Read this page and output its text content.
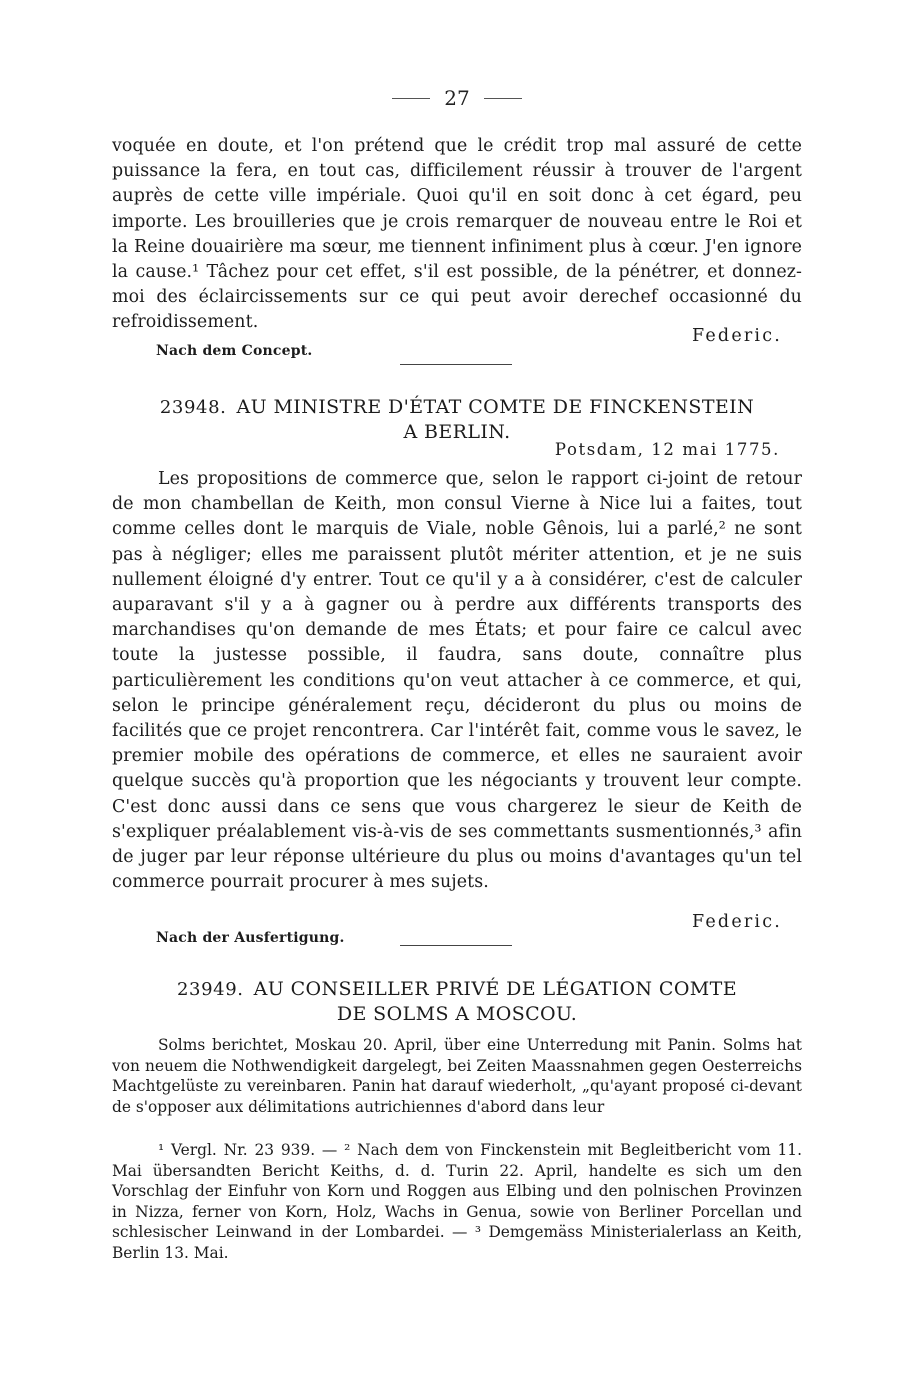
27

voquée en doute, et l'on prétend que le crédit trop mal assuré de cette puissance la fera, en tout cas, difficilement réussir à trouver de l'argent auprès de cette ville impériale. Quoi qu'il en soit donc à cet égard, peu importe. Les brouilleries que je crois remarquer de nouveau entre le Roi et la Reine douairière ma sœur, me tiennent infiniment plus à cœur. J'en ignore la cause.¹ Tâchez pour cet effet, s'il est possible, de la pénétrer, et donnez-moi des éclaircissements sur ce qui peut avoir derechef occasionné du refroidissement.

Federic.
Nach dem Concept.
23948. AU MINISTRE D'ÉTAT COMTE DE FINCKENSTEIN
A BERLIN.
Potsdam, 12 mai 1775.

Les propositions de commerce que, selon le rapport ci-joint de retour de mon chambellan de Keith, mon consul Vierne à Nice lui a faites, tout comme celles dont le marquis de Viale, noble Gênois, lui a parlé,² ne sont pas à négliger; elles me paraissent plutôt mériter attention, et je ne suis nullement éloigné d'y entrer. Tout ce qu'il y a à considérer, c'est de calculer auparavant s'il y a à gagner ou à perdre aux différents transports des marchandises qu'on demande de mes États; et pour faire ce calcul avec toute la justesse possible, il faudra, sans doute, connaître plus particulièrement les conditions qu'on veut attacher à ce commerce, et qui, selon le principe généralement reçu, décideront du plus ou moins de facilités que ce projet rencontrera. Car l'intérêt fait, comme vous le savez, le premier mobile des opérations de commerce, et elles ne sauraient avoir quelque succès qu'à proportion que les négociants y trouvent leur compte. C'est donc aussi dans ce sens que vous chargerez le sieur de Keith de s'expliquer préalablement vis-à-vis de ses commettants susmentionnés,³ afin de juger par leur réponse ultérieure du plus ou moins d'avantages qu'un tel commerce pourrait procurer à mes sujets.

Federic.
Nach der Ausfertigung.
23949. AU CONSEILLER PRIVÉ DE LÉGATION COMTE
DE SOLMS A MOSCOU.

Solms berichtet, Moskau 20. April, über eine Unterredung mit Panin. Solms hat von neuem die Nothwendigkeit dargelegt, bei Zeiten Maassnahmen gegen Oesterreichs Machtgelüste zu vereinbaren. Panin hat darauf wiederholt, „qu'ayant proposé ci-devant de s'opposer aux délimitations autrichiennes d'abord dans leur

¹ Vergl. Nr. 23 939. — ² Nach dem von Finckenstein mit Begleitbericht vom 11. Mai übersandten Bericht Keiths, d. d. Turin 22. April, handelte es sich um den Vorschlag der Einfuhr von Korn und Roggen aus Elbing und den polnischen Provinzen in Nizza, ferner von Korn, Holz, Wachs in Genua, sowie von Berliner Porcellan und schlesischer Leinwand in der Lombardei. — ³ Demgemäss Ministerialerlass an Keith, Berlin 13. Mai.
